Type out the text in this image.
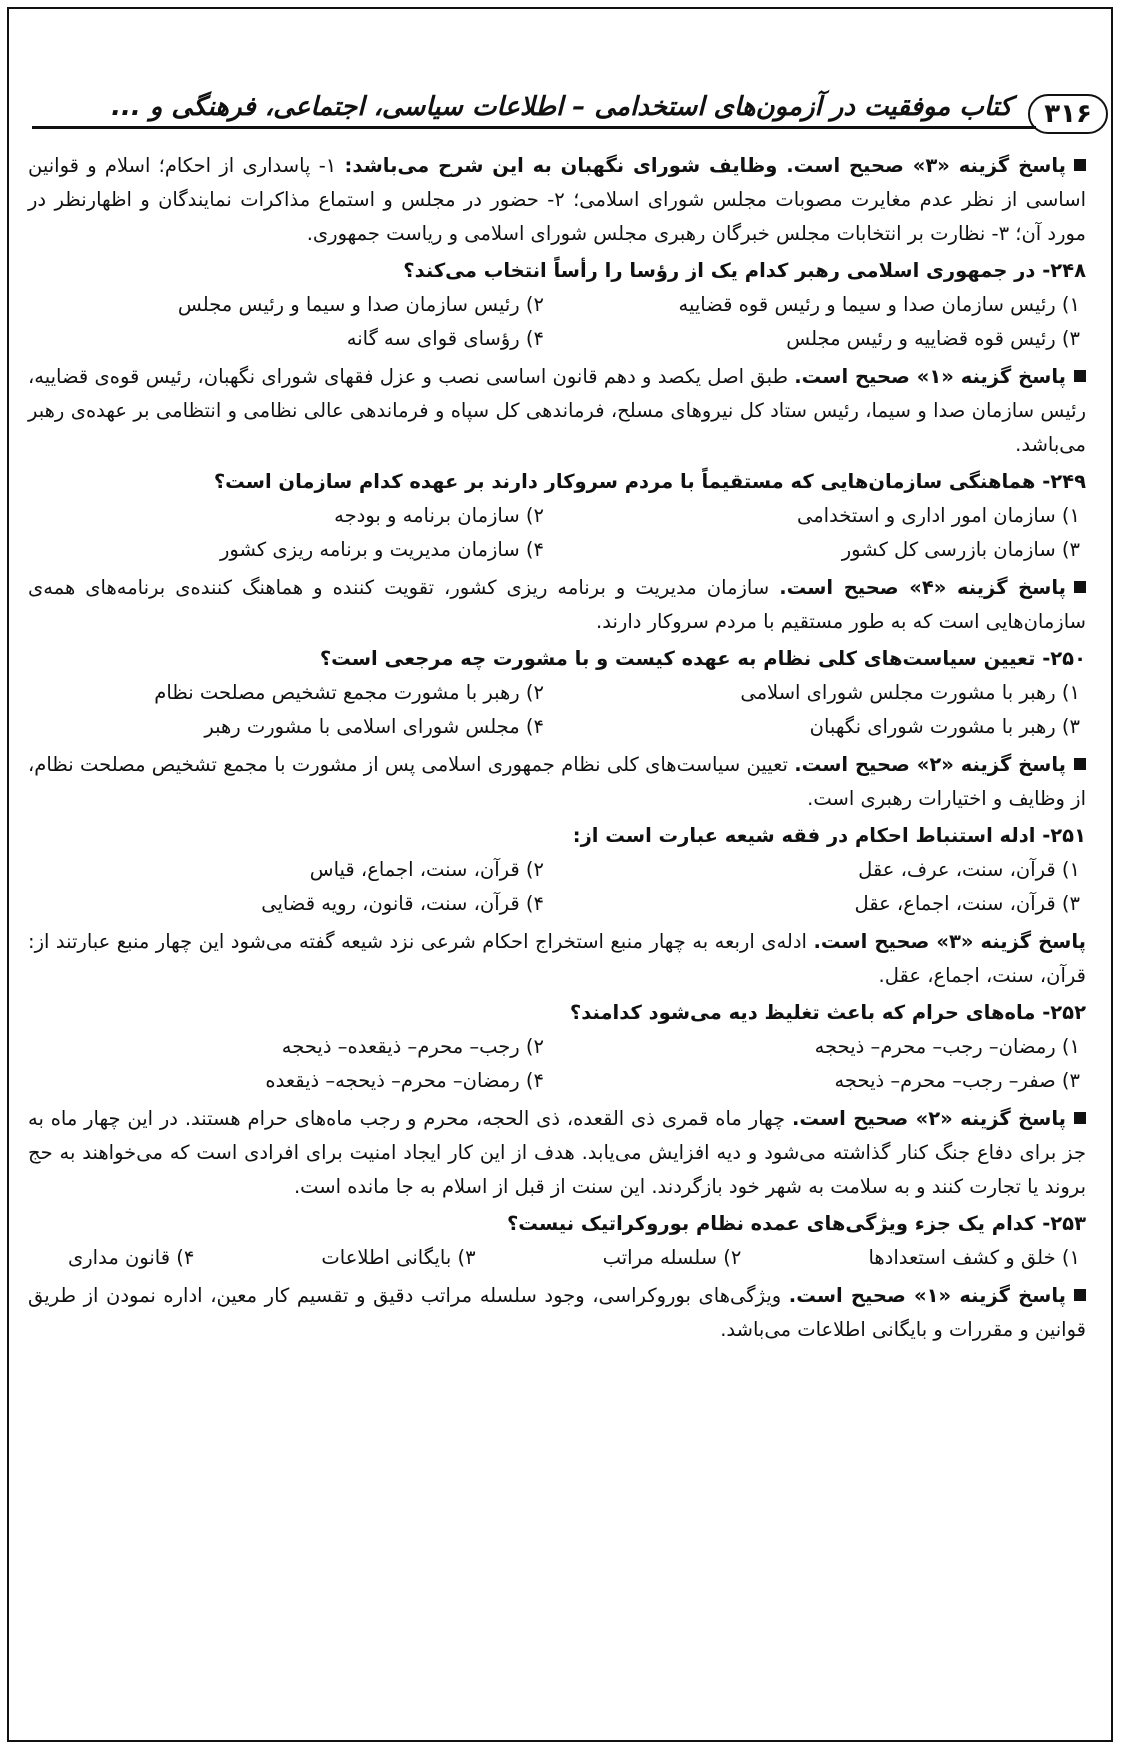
۳۱۶
کتاب موفقیت در آزمون‌های استخدامی – اطلاعات سیاسی، اجتماعی، فرهنگی و ...

پاسخ گزینه «۳» صحیح است. وظایف شورای نگهبان به این شرح می‌باشد: ۱- پاسداری از احکام؛ اسلام و قوانین اساسی از نظر عدم مغایرت مصوبات مجلس شورای اسلامی؛ ۲- حضور در مجلس و استماع مذاکرات نمایندگان و اظهارنظر در مورد آن؛ ۳- نظارت بر انتخابات مجلس خبرگان رهبری مجلس شورای اسلامی و ریاست جمهوری.

۲۴۸- در جمهوری اسلامی رهبر کدام یک از رؤسا را رأساً انتخاب می‌کند؟

۱) رئیس سازمان صدا و سیما و رئیس قوه قضاییه
۲) رئیس سازمان صدا و سیما و رئیس مجلس
۳) رئیس قوه قضاییه و رئیس مجلس
۴) رؤسای قوای سه گانه

پاسخ گزینه «۱» صحیح است. طبق اصل یکصد و دهم قانون اساسی نصب و عزل فقهای شورای نگهبان، رئیس قوه‌ی قضاییه، رئیس سازمان صدا و سیما، رئیس ستاد کل نیروهای مسلح، فرماندهی کل سپاه و فرماندهی عالی نظامی و انتظامی بر عهده‌ی رهبر می‌باشد.

۲۴۹- هماهنگی سازمان‌هایی که مستقیماً با مردم سروکار دارند بر عهده کدام سازمان است؟

۱) سازمان امور اداری و استخدامی
۲) سازمان برنامه و بودجه
۳) سازمان بازرسی کل کشور
۴) سازمان مدیریت و برنامه ریزی کشور

پاسخ گزینه «۴» صحیح است. سازمان مدیریت و برنامه ریزی کشور، تقویت کننده و هماهنگ کننده‌ی برنامه‌های همه‌ی سازمان‌هایی است که به طور مستقیم با مردم سروکار دارند.

۲۵۰- تعیین سیاست‌های کلی نظام به عهده کیست و با مشورت چه مرجعی است؟

۱) رهبر با مشورت مجلس شورای اسلامی
۲) رهبر با مشورت مجمع تشخیص مصلحت نظام
۳) رهبر با مشورت شورای نگهبان
۴) مجلس شورای اسلامی با مشورت رهبر

پاسخ گزینه «۲» صحیح است. تعیین سیاست‌های کلی نظام جمهوری اسلامی پس از مشورت با مجمع تشخیص مصلحت نظام، از وظایف و اختیارات رهبری است.

۲۵۱- ادله استنباط احکام در فقه شیعه عبارت است از:

۱) قرآن، سنت، عرف، عقل
۲) قرآن، سنت، اجماع، قیاس
۳) قرآن، سنت، اجماع، عقل
۴) قرآن، سنت، قانون، رویه قضایی

پاسخ گزینه «۳» صحیح است. ادله‌ی اربعه به چهار منبع استخراج احکام شرعی نزد شیعه گفته می‌شود این چهار منبع عبارتند از: قرآن، سنت، اجماع، عقل.

۲۵۲- ماه‌های حرام که باعث تغلیظ دیه می‌شود کدامند؟

۱) رمضان– رجب– محرم– ذیحجه
۲) رجب– محرم– ذیقعده– ذیحجه
۳) صفر– رجب– محرم– ذیحجه
۴) رمضان– محرم– ذیحجه– ذیقعده

پاسخ گزینه «۲» صحیح است. چهار ماه قمری ذی القعده، ذی الحجه، محرم و رجب ماه‌های حرام هستند. در این چهار ماه به جز برای دفاع جنگ کنار گذاشته می‌شود و دیه افزایش می‌یابد. هدف از این کار ایجاد امنیت برای افرادی است که می‌خواهند به حج بروند یا تجارت کنند و به سلامت به شهر خود بازگردند. این سنت از قبل از اسلام به جا مانده است.

۲۵۳- کدام یک جزء ویژگی‌های عمده نظام بوروکراتیک نیست؟

۱) خلق و کشف استعدادها
۲) سلسله مراتب
۳) بایگانی اطلاعات
۴) قانون مداری

پاسخ گزینه «۱» صحیح است. ویژگی‌های بوروکراسی، وجود سلسله مراتب دقیق و تقسیم کار معین، اداره نمودن از طریق قوانین و مقررات و بایگانی اطلاعات می‌باشد.
